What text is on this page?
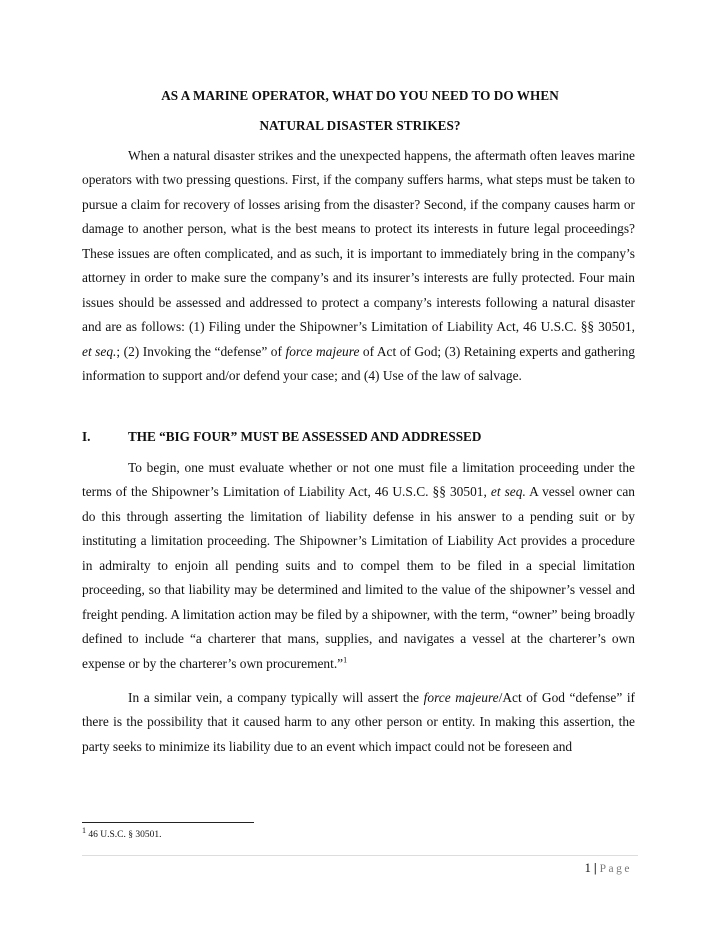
AS A MARINE OPERATOR, WHAT DO YOU NEED TO DO WHEN
NATURAL DISASTER STRIKES?
When a natural disaster strikes and the unexpected happens, the aftermath often leaves marine operators with two pressing questions. First, if the company suffers harms, what steps must be taken to pursue a claim for recovery of losses arising from the disaster? Second, if the company causes harm or damage to another person, what is the best means to protect its interests in future legal proceedings? These issues are often complicated, and as such, it is important to immediately bring in the company’s attorney in order to make sure the company’s and its insurer’s interests are fully protected. Four main issues should be assessed and addressed to protect a company’s interests following a natural disaster and are as follows: (1) Filing under the Shipowner’s Limitation of Liability Act, 46 U.S.C. §§ 30501, et seq.; (2) Invoking the “defense” of force majeure of Act of God; (3) Retaining experts and gathering information to support and/or defend your case; and (4) Use of the law of salvage.
I.	THE “BIG FOUR” MUST BE ASSESSED AND ADDRESSED
To begin, one must evaluate whether or not one must file a limitation proceeding under the terms of the Shipowner’s Limitation of Liability Act, 46 U.S.C. §§ 30501, et seq. A vessel owner can do this through asserting the limitation of liability defense in his answer to a pending suit or by instituting a limitation proceeding. The Shipowner’s Limitation of Liability Act provides a procedure in admiralty to enjoin all pending suits and to compel them to be filed in a special limitation proceeding, so that liability may be determined and limited to the value of the shipowner’s vessel and freight pending. A limitation action may be filed by a shipowner, with the term, “owner” being broadly defined to include “a charterer that mans, supplies, and navigates a vessel at the charterer’s own expense or by the charterer’s own procurement.”$^1$
In a similar vein, a company typically will assert the force majeure/Act of God “defense” if there is the possibility that it caused harm to any other person or entity. In making this assertion, the party seeks to minimize its liability due to an event which impact could not be foreseen and
$^1$ 46 U.S.C. § 30501.
1 | Page
